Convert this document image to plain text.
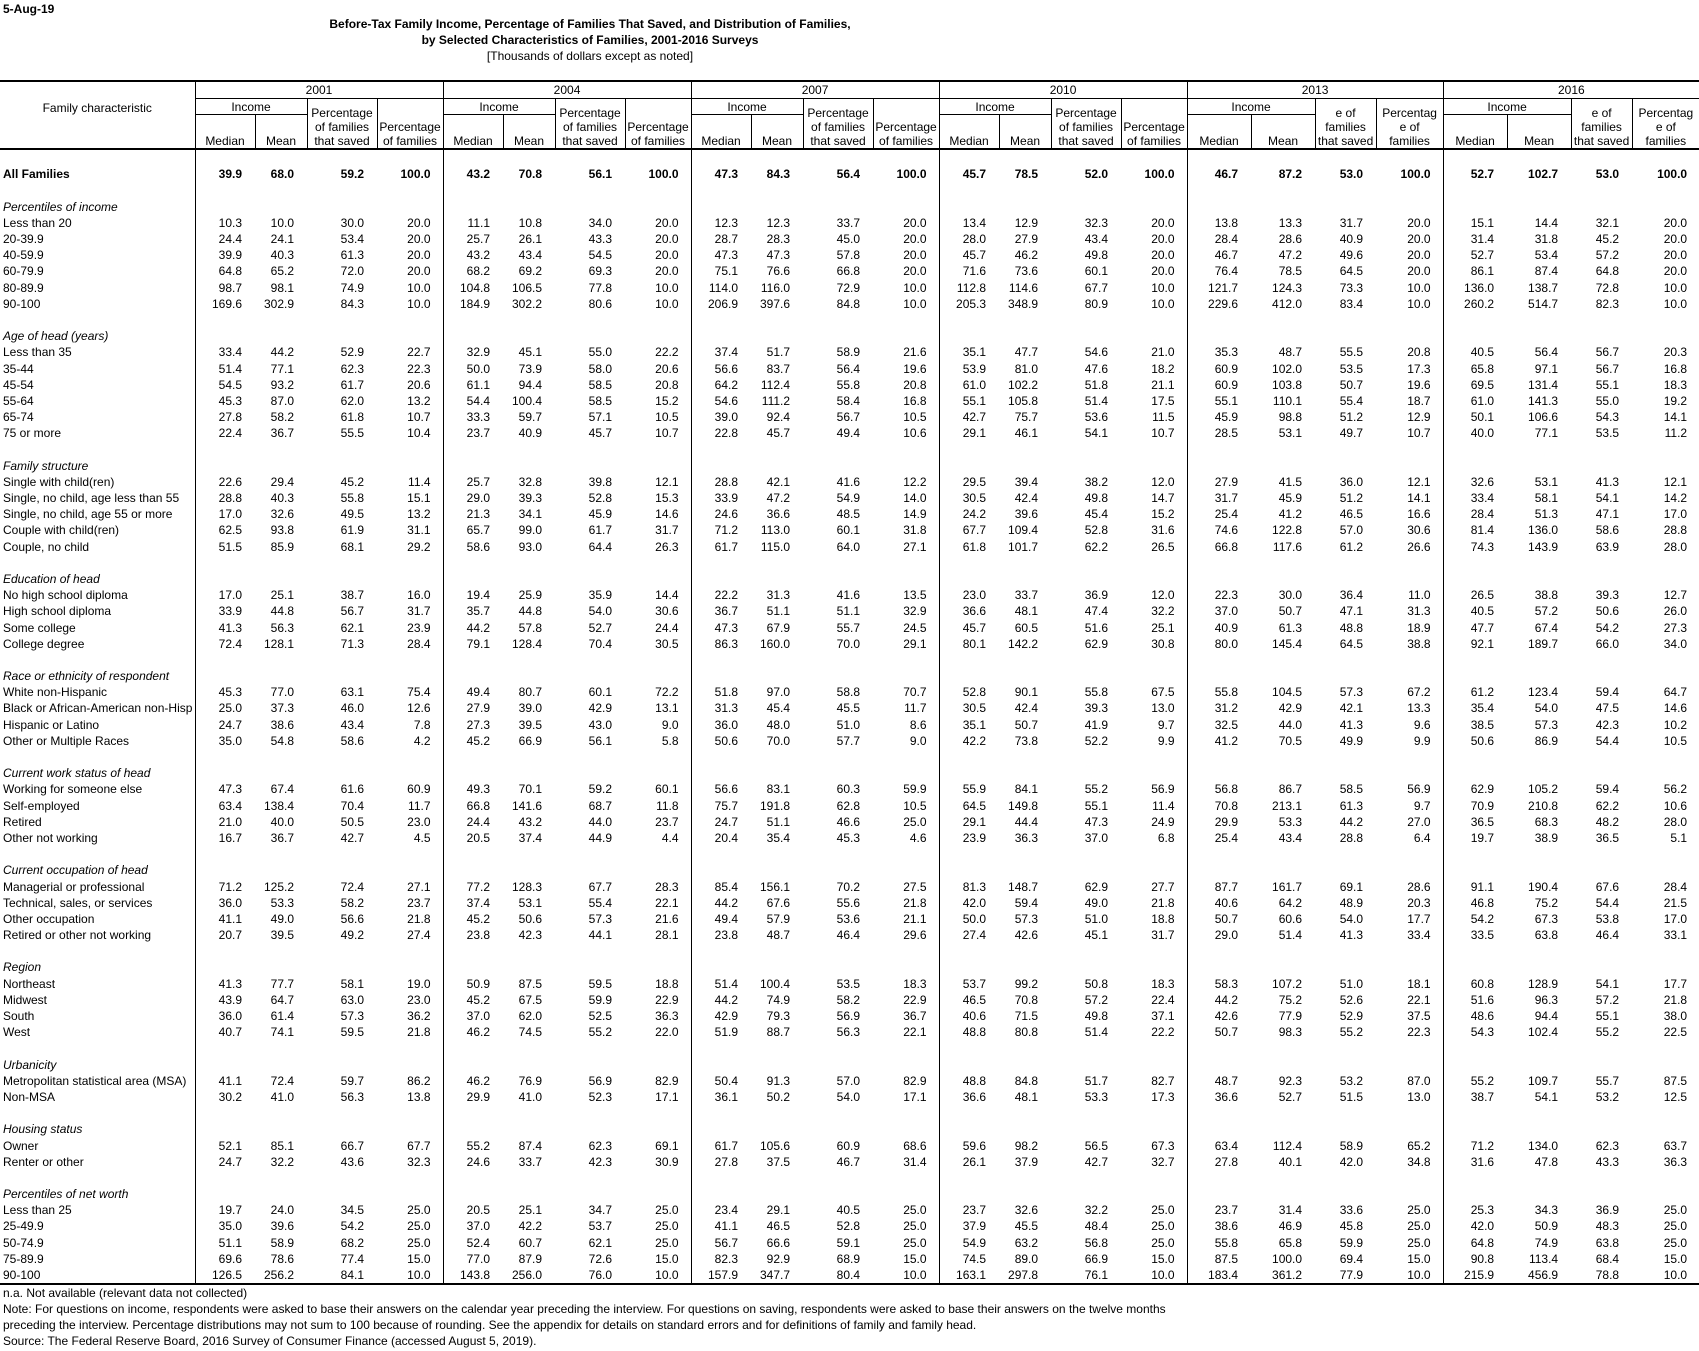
5-Aug-19
Before-Tax Family Income, Percentage of Families That Saved, and Distribution of Families,
by Selected Characteristics of Families, 2001-2016 Surveys
[Thousands of dollars except as noted]
Family characteristic	2001				2004				2007				2010				2013				2016			
	Income		Percentage
of families
that saved	Percentage
of families	Income		Percentage
of families
that saved	Percentage
of families	Income		Percentage
of families
that saved	Percentage
of families	Income		Percentage
of families
that saved	Percentage
of families	Income		e of
families
that saved	Percentag
e of
families	Income		e of
families
that saved	Percentag
e of
families

	Median	Mean			Median	Mean			Median	Mean			Median	Mean			Median	Mean			Median	Mean		

All Families	39.9	68.0	59.2	100.0	43.2	70.8	56.1	100.0	47.3	84.3	56.4	100.0	45.7	78.5	52.0	100.0	46.7	87.2	53.0	100.0	52.7	102.7	53.0	100.0

Percentiles of income																								
Less than 20	10.3	10.0	30.0	20.0	11.1	10.8	34.0	20.0	12.3	12.3	33.7	20.0	13.4	12.9	32.3	20.0	13.8	13.3	31.7	20.0	15.1	14.4	32.1	20.0
20-39.9	24.4	24.1	53.4	20.0	25.7	26.1	43.3	20.0	28.7	28.3	45.0	20.0	28.0	27.9	43.4	20.0	28.4	28.6	40.9	20.0	31.4	31.8	45.2	20.0
40-59.9	39.9	40.3	61.3	20.0	43.2	43.4	54.5	20.0	47.3	47.3	57.8	20.0	45.7	46.2	49.8	20.0	46.7	47.2	49.6	20.0	52.7	53.4	57.2	20.0
60-79.9	64.8	65.2	72.0	20.0	68.2	69.2	69.3	20.0	75.1	76.6	66.8	20.0	71.6	73.6	60.1	20.0	76.4	78.5	64.5	20.0	86.1	87.4	64.8	20.0
80-89.9	98.7	98.1	74.9	10.0	104.8	106.5	77.8	10.0	114.0	116.0	72.9	10.0	112.8	114.6	67.7	10.0	121.7	124.3	73.3	10.0	136.0	138.7	72.8	10.0
90-100	169.6	302.9	84.3	10.0	184.9	302.2	80.6	10.0	206.9	397.6	84.8	10.0	205.3	348.9	80.9	10.0	229.6	412.0	83.4	10.0	260.2	514.7	82.3	10.0

Age of head (years)																								
Less than 35	33.4	44.2	52.9	22.7	32.9	45.1	55.0	22.2	37.4	51.7	58.9	21.6	35.1	47.7	54.6	21.0	35.3	48.7	55.5	20.8	40.5	56.4	56.7	20.3
35-44	51.4	77.1	62.3	22.3	50.0	73.9	58.0	20.6	56.6	83.7	56.4	19.6	53.9	81.0	47.6	18.2	60.9	102.0	53.5	17.3	65.8	97.1	56.7	16.8
45-54	54.5	93.2	61.7	20.6	61.1	94.4	58.5	20.8	64.2	112.4	55.8	20.8	61.0	102.2	51.8	21.1	60.9	103.8	50.7	19.6	69.5	131.4	55.1	18.3
55-64	45.3	87.0	62.0	13.2	54.4	100.4	58.5	15.2	54.6	111.2	58.4	16.8	55.1	105.8	51.4	17.5	55.1	110.1	55.4	18.7	61.0	141.3	55.0	19.2
65-74	27.8	58.2	61.8	10.7	33.3	59.7	57.1	10.5	39.0	92.4	56.7	10.5	42.7	75.7	53.6	11.5	45.9	98.8	51.2	12.9	50.1	106.6	54.3	14.1
75 or more	22.4	36.7	55.5	10.4	23.7	40.9	45.7	10.7	22.8	45.7	49.4	10.6	29.1	46.1	54.1	10.7	28.5	53.1	49.7	10.7	40.0	77.1	53.5	11.2

Family structure																								
Single with child(ren)	22.6	29.4	45.2	11.4	25.7	32.8	39.8	12.1	28.8	42.1	41.6	12.2	29.5	39.4	38.2	12.0	27.9	41.5	36.0	12.1	32.6	53.1	41.3	12.1
Single, no child, age less than 55	28.8	40.3	55.8	15.1	29.0	39.3	52.8	15.3	33.9	47.2	54.9	14.0	30.5	42.4	49.8	14.7	31.7	45.9	51.2	14.1	33.4	58.1	54.1	14.2
Single, no child, age 55 or more	17.0	32.6	49.5	13.2	21.3	34.1	45.9	14.6	24.6	36.6	48.5	14.9	24.2	39.6	45.4	15.2	25.4	41.2	46.5	16.6	28.4	51.3	47.1	17.0
Couple with child(ren)	62.5	93.8	61.9	31.1	65.7	99.0	61.7	31.7	71.2	113.0	60.1	31.8	67.7	109.4	52.8	31.6	74.6	122.8	57.0	30.6	81.4	136.0	58.6	28.8
Couple, no child	51.5	85.9	68.1	29.2	58.6	93.0	64.4	26.3	61.7	115.0	64.0	27.1	61.8	101.7	62.2	26.5	66.8	117.6	61.2	26.6	74.3	143.9	63.9	28.0

Education of head																								
No high school diploma	17.0	25.1	38.7	16.0	19.4	25.9	35.9	14.4	22.2	31.3	41.6	13.5	23.0	33.7	36.9	12.0	22.3	30.0	36.4	11.0	26.5	38.8	39.3	12.7
High school diploma	33.9	44.8	56.7	31.7	35.7	44.8	54.0	30.6	36.7	51.1	51.1	32.9	36.6	48.1	47.4	32.2	37.0	50.7	47.1	31.3	40.5	57.2	50.6	26.0
Some college	41.3	56.3	62.1	23.9	44.2	57.8	52.7	24.4	47.3	67.9	55.7	24.5	45.7	60.5	51.6	25.1	40.9	61.3	48.8	18.9	47.7	67.4	54.2	27.3
College degree	72.4	128.1	71.3	28.4	79.1	128.4	70.4	30.5	86.3	160.0	70.0	29.1	80.1	142.2	62.9	30.8	80.0	145.4	64.5	38.8	92.1	189.7	66.0	34.0

Race or ethnicity of respondent																								
White non-Hispanic	45.3	77.0	63.1	75.4	49.4	80.7	60.1	72.2	51.8	97.0	58.8	70.7	52.8	90.1	55.8	67.5	55.8	104.5	57.3	67.2	61.2	123.4	59.4	64.7
Black or African-American non-Hisp	25.0	37.3	46.0	12.6	27.9	39.0	42.9	13.1	31.3	45.4	45.5	11.7	30.5	42.4	39.3	13.0	31.2	42.9	42.1	13.3	35.4	54.0	47.5	14.6
Hispanic or Latino	24.7	38.6	43.4	7.8	27.3	39.5	43.0	9.0	36.0	48.0	51.0	8.6	35.1	50.7	41.9	9.7	32.5	44.0	41.3	9.6	38.5	57.3	42.3	10.2
Other or Multiple Races	35.0	54.8	58.6	4.2	45.2	66.9	56.1	5.8	50.6	70.0	57.7	9.0	42.2	73.8	52.2	9.9	41.2	70.5	49.9	9.9	50.6	86.9	54.4	10.5

Current work status of head																								
Working for someone else	47.3	67.4	61.6	60.9	49.3	70.1	59.2	60.1	56.6	83.1	60.3	59.9	55.9	84.1	55.2	56.9	56.8	86.7	58.5	56.9	62.9	105.2	59.4	56.2
Self-employed	63.4	138.4	70.4	11.7	66.8	141.6	68.7	11.8	75.7	191.8	62.8	10.5	64.5	149.8	55.1	11.4	70.8	213.1	61.3	9.7	70.9	210.8	62.2	10.6
Retired	21.0	40.0	50.5	23.0	24.4	43.2	44.0	23.7	24.7	51.1	46.6	25.0	29.1	44.4	47.3	24.9	29.9	53.3	44.2	27.0	36.5	68.3	48.2	28.0
Other not working	16.7	36.7	42.7	4.5	20.5	37.4	44.9	4.4	20.4	35.4	45.3	4.6	23.9	36.3	37.0	6.8	25.4	43.4	28.8	6.4	19.7	38.9	36.5	5.1

Current occupation of head																								
Managerial or professional	71.2	125.2	72.4	27.1	77.2	128.3	67.7	28.3	85.4	156.1	70.2	27.5	81.3	148.7	62.9	27.7	87.7	161.7	69.1	28.6	91.1	190.4	67.6	28.4
Technical, sales, or services	36.0	53.3	58.2	23.7	37.4	53.1	55.4	22.1	44.2	67.6	55.6	21.8	42.0	59.4	49.0	21.8	40.6	64.2	48.9	20.3	46.8	75.2	54.4	21.5
Other occupation	41.1	49.0	56.6	21.8	45.2	50.6	57.3	21.6	49.4	57.9	53.6	21.1	50.0	57.3	51.0	18.8	50.7	60.6	54.0	17.7	54.2	67.3	53.8	17.0
Retired or other not working	20.7	39.5	49.2	27.4	23.8	42.3	44.1	28.1	23.8	48.7	46.4	29.6	27.4	42.6	45.1	31.7	29.0	51.4	41.3	33.4	33.5	63.8	46.4	33.1

Region																								
Northeast	41.3	77.7	58.1	19.0	50.9	87.5	59.5	18.8	51.4	100.4	53.5	18.3	53.7	99.2	50.8	18.3	58.3	107.2	51.0	18.1	60.8	128.9	54.1	17.7
Midwest	43.9	64.7	63.0	23.0	45.2	67.5	59.9	22.9	44.2	74.9	58.2	22.9	46.5	70.8	57.2	22.4	44.2	75.2	52.6	22.1	51.6	96.3	57.2	21.8
South	36.0	61.4	57.3	36.2	37.0	62.0	52.5	36.3	42.9	79.3	56.9	36.7	40.6	71.5	49.8	37.1	42.6	77.9	52.9	37.5	48.6	94.4	55.1	38.0
West	40.7	74.1	59.5	21.8	46.2	74.5	55.2	22.0	51.9	88.7	56.3	22.1	48.8	80.8	51.4	22.2	50.7	98.3	55.2	22.3	54.3	102.4	55.2	22.5

Urbanicity																								
Metropolitan statistical area (MSA)	41.1	72.4	59.7	86.2	46.2	76.9	56.9	82.9	50.4	91.3	57.0	82.9	48.8	84.8	51.7	82.7	48.7	92.3	53.2	87.0	55.2	109.7	55.7	87.5
Non-MSA	30.2	41.0	56.3	13.8	29.9	41.0	52.3	17.1	36.1	50.2	54.0	17.1	36.6	48.1	53.3	17.3	36.6	52.7	51.5	13.0	38.7	54.1	53.2	12.5

Housing status																								
Owner	52.1	85.1	66.7	67.7	55.2	87.4	62.3	69.1	61.7	105.6	60.9	68.6	59.6	98.2	56.5	67.3	63.4	112.4	58.9	65.2	71.2	134.0	62.3	63.7
Renter or other	24.7	32.2	43.6	32.3	24.6	33.7	42.3	30.9	27.8	37.5	46.7	31.4	26.1	37.9	42.7	32.7	27.8	40.1	42.0	34.8	31.6	47.8	43.3	36.3

Percentiles of net worth																								
Less than 25	19.7	24.0	34.5	25.0	20.5	25.1	34.7	25.0	23.4	29.1	40.5	25.0	23.7	32.6	32.2	25.0	23.7	31.4	33.6	25.0	25.3	34.3	36.9	25.0
25-49.9	35.0	39.6	54.2	25.0	37.0	42.2	53.7	25.0	41.1	46.5	52.8	25.0	37.9	45.5	48.4	25.0	38.6	46.9	45.8	25.0	42.0	50.9	48.3	25.0
50-74.9	51.1	58.9	68.2	25.0	52.4	60.7	62.1	25.0	56.7	66.6	59.1	25.0	54.9	63.2	56.8	25.0	55.8	65.8	59.9	25.0	64.8	74.9	63.8	25.0
75-89.9	69.6	78.6	77.4	15.0	77.0	87.9	72.6	15.0	82.3	92.9	68.9	15.0	74.5	89.0	66.9	15.0	87.5	100.0	69.4	15.0	90.8	113.4	68.4	15.0
90-100	126.5	256.2	84.1	10.0	143.8	256.0	76.0	10.0	157.9	347.7	80.4	10.0	163.1	297.8	76.1	10.0	183.4	361.2	77.9	10.0	215.9	456.9	78.8	10.0
n.a. Not available (relevant data not collected)
Note: For questions on income, respondents were asked to base their answers on the calendar year preceding the interview. For questions on saving, respondents were asked to base their answers on the twelve months preceding the interview. Percentage distributions may not sum to 100 because of rounding. See the appendix for details on standard errors and for definitions of family and family head.
Source: The Federal Reserve Board, 2016 Survey of Consumer Finance (accessed August 5, 2019).
